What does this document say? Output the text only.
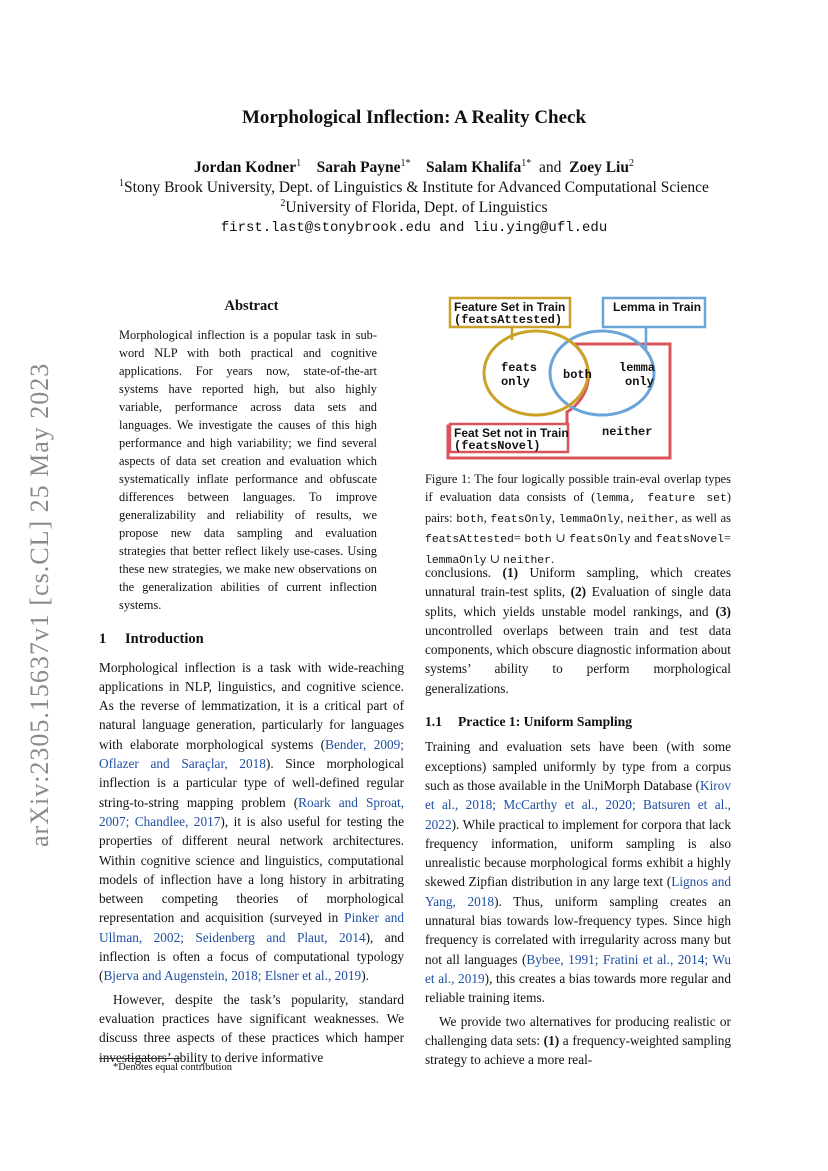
arXiv:2305.15637v1 [cs.CL] 25 May 2023
Morphological Inflection: A Reality Check
Jordan Kodner$^1$ Sarah Payne$^{1*}$ Salam Khalifa$^{1*}$ and Zoey Liu$^2$
$^1$Stony Brook University, Dept. of Linguistics & Institute for Advanced Computational Science
$^2$University of Florida, Dept. of Linguistics
first.last@stonybrook.edu and liu.ying@ufl.edu
Abstract

Morphological inflection is a popular task in sub-word NLP with both practical and cognitive applications. For years now, state-of-the-art systems have reported high, but also highly variable, performance across data sets and languages. We investigate the causes of this high performance and high variability; we find several aspects of data set creation and evaluation which systematically inflate performance and obfuscate differences between languages. To improve generalizability and reliability of results, we propose new data sampling and evaluation strategies that better reflect likely use-cases. Using these new strategies, we make new observations on the generalization abilities of current inflection systems.

1 Introduction

Morphological inflection is a task with wide-reaching applications in NLP, linguistics, and cognitive science. As the reverse of lemmatization, it is a critical part of natural language generation, particularly for languages with elaborate morphological systems (Bender, 2009; Oflazer and Saraçlar, 2018). Since morphological inflection is a particular type of well-defined regular string-to-string mapping problem (Roark and Sproat, 2007; Chandlee, 2017), it is also useful for testing the properties of different neural network architectures. Within cognitive science and linguistics, computational models of inflection have a long history in arbitrating between competing theories of morphological representation and acquisition (surveyed in Pinker and Ullman, 2002; Seidenberg and Plaut, 2014), and inflection is often a focus of computational typology (Bjerva and Augenstein, 2018; Elsner et al., 2019).

However, despite the task’s popularity, standard evaluation practices have significant weaknesses. We discuss three aspects of these practices which hamper investigators’ ability to derive informative

*Denotes equal contribution
Feature Set in Train
(featsAttested)
Lemma in Train
Feat Set not in Train
(featsNovel)
feats
only	both lemma
only
neither
Figure 1: The four logically possible train-eval overlap types if evaluation data consists of (lemma, feature set) pairs: both, featsOnly, lemmaOnly, neither, as well as featsAttested= both ∪ featsOnly and featsNovel= lemmaOnly ∪ neither.

conclusions. (1) Uniform sampling, which creates unnatural train-test splits, (2) Evaluation of single data splits, which yields unstable model rankings, and (3) uncontrolled overlaps between train and test data components, which obscure diagnostic information about systems’ ability to perform morphological generalizations.

1.1 Practice 1: Uniform Sampling

Training and evaluation sets have been (with some exceptions) sampled uniformly by type from a corpus such as those available in the UniMorph Database (Kirov et al., 2018; McCarthy et al., 2020; Batsuren et al., 2022). While practical to implement for corpora that lack frequency information, uniform sampling is also unrealistic because morphological forms exhibit a highly skewed Zipfian distribution in any large text (Lignos and Yang, 2018). Thus, uniform sampling creates an unnatural bias towards low-frequency types. Since high frequency is correlated with irregularity across many but not all languages (Bybee, 1991; Fratini et al., 2014; Wu et al., 2019), this creates a bias towards more regular and reliable training items.

We provide two alternatives for producing realistic or challenging data sets: (1) a frequency-weighted sampling strategy to achieve a more real-
